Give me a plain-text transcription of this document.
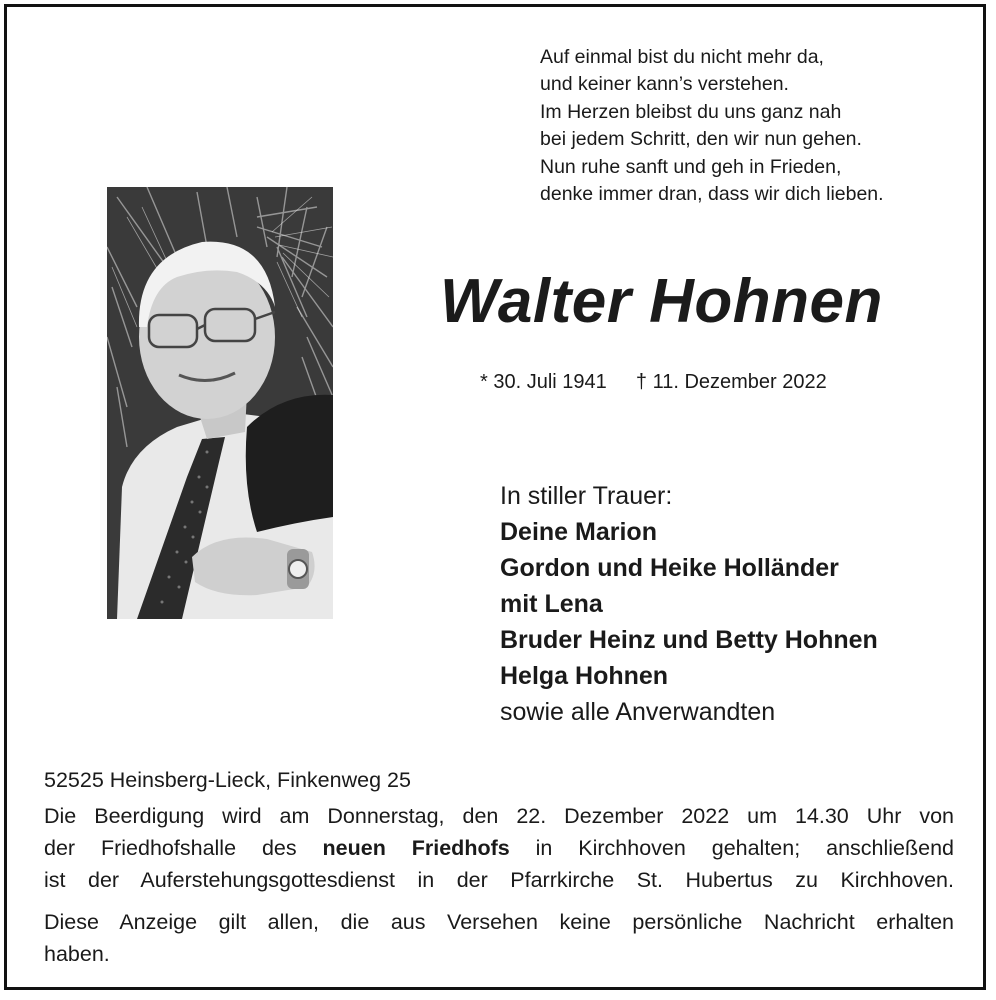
Auf einmal bist du nicht mehr da,
und keiner kann’s verstehen.
Im Herzen bleibst du uns ganz nah
bei jedem Schritt, den wir nun gehen.
Nun ruhe sanft und geh in Frieden,
denke immer dran, dass wir dich lieben.
Walter Hohnen
* 30. Juli 1941 † 11. Dezember 2022
In stiller Trauer:
Deine Marion
Gordon und Heike Holländer
mit Lena
Bruder Heinz und Betty Hohnen
Helga Hohnen
sowie alle Anverwandten

52525 Heinsberg-Lieck, Finkenweg 25

Die Beerdigung wird am Donnerstag, den 22. Dezember 2022 um 14.30 Uhr von

der Friedhofshalle des neuen Friedhofs in Kirchhoven gehalten; anschließend

ist der Auferstehungsgottesdienst in der Pfarrkirche St. Hubertus zu Kirchhoven.

Diese Anzeige gilt allen, die aus Versehen keine persönliche Nachricht erhalten

haben.
